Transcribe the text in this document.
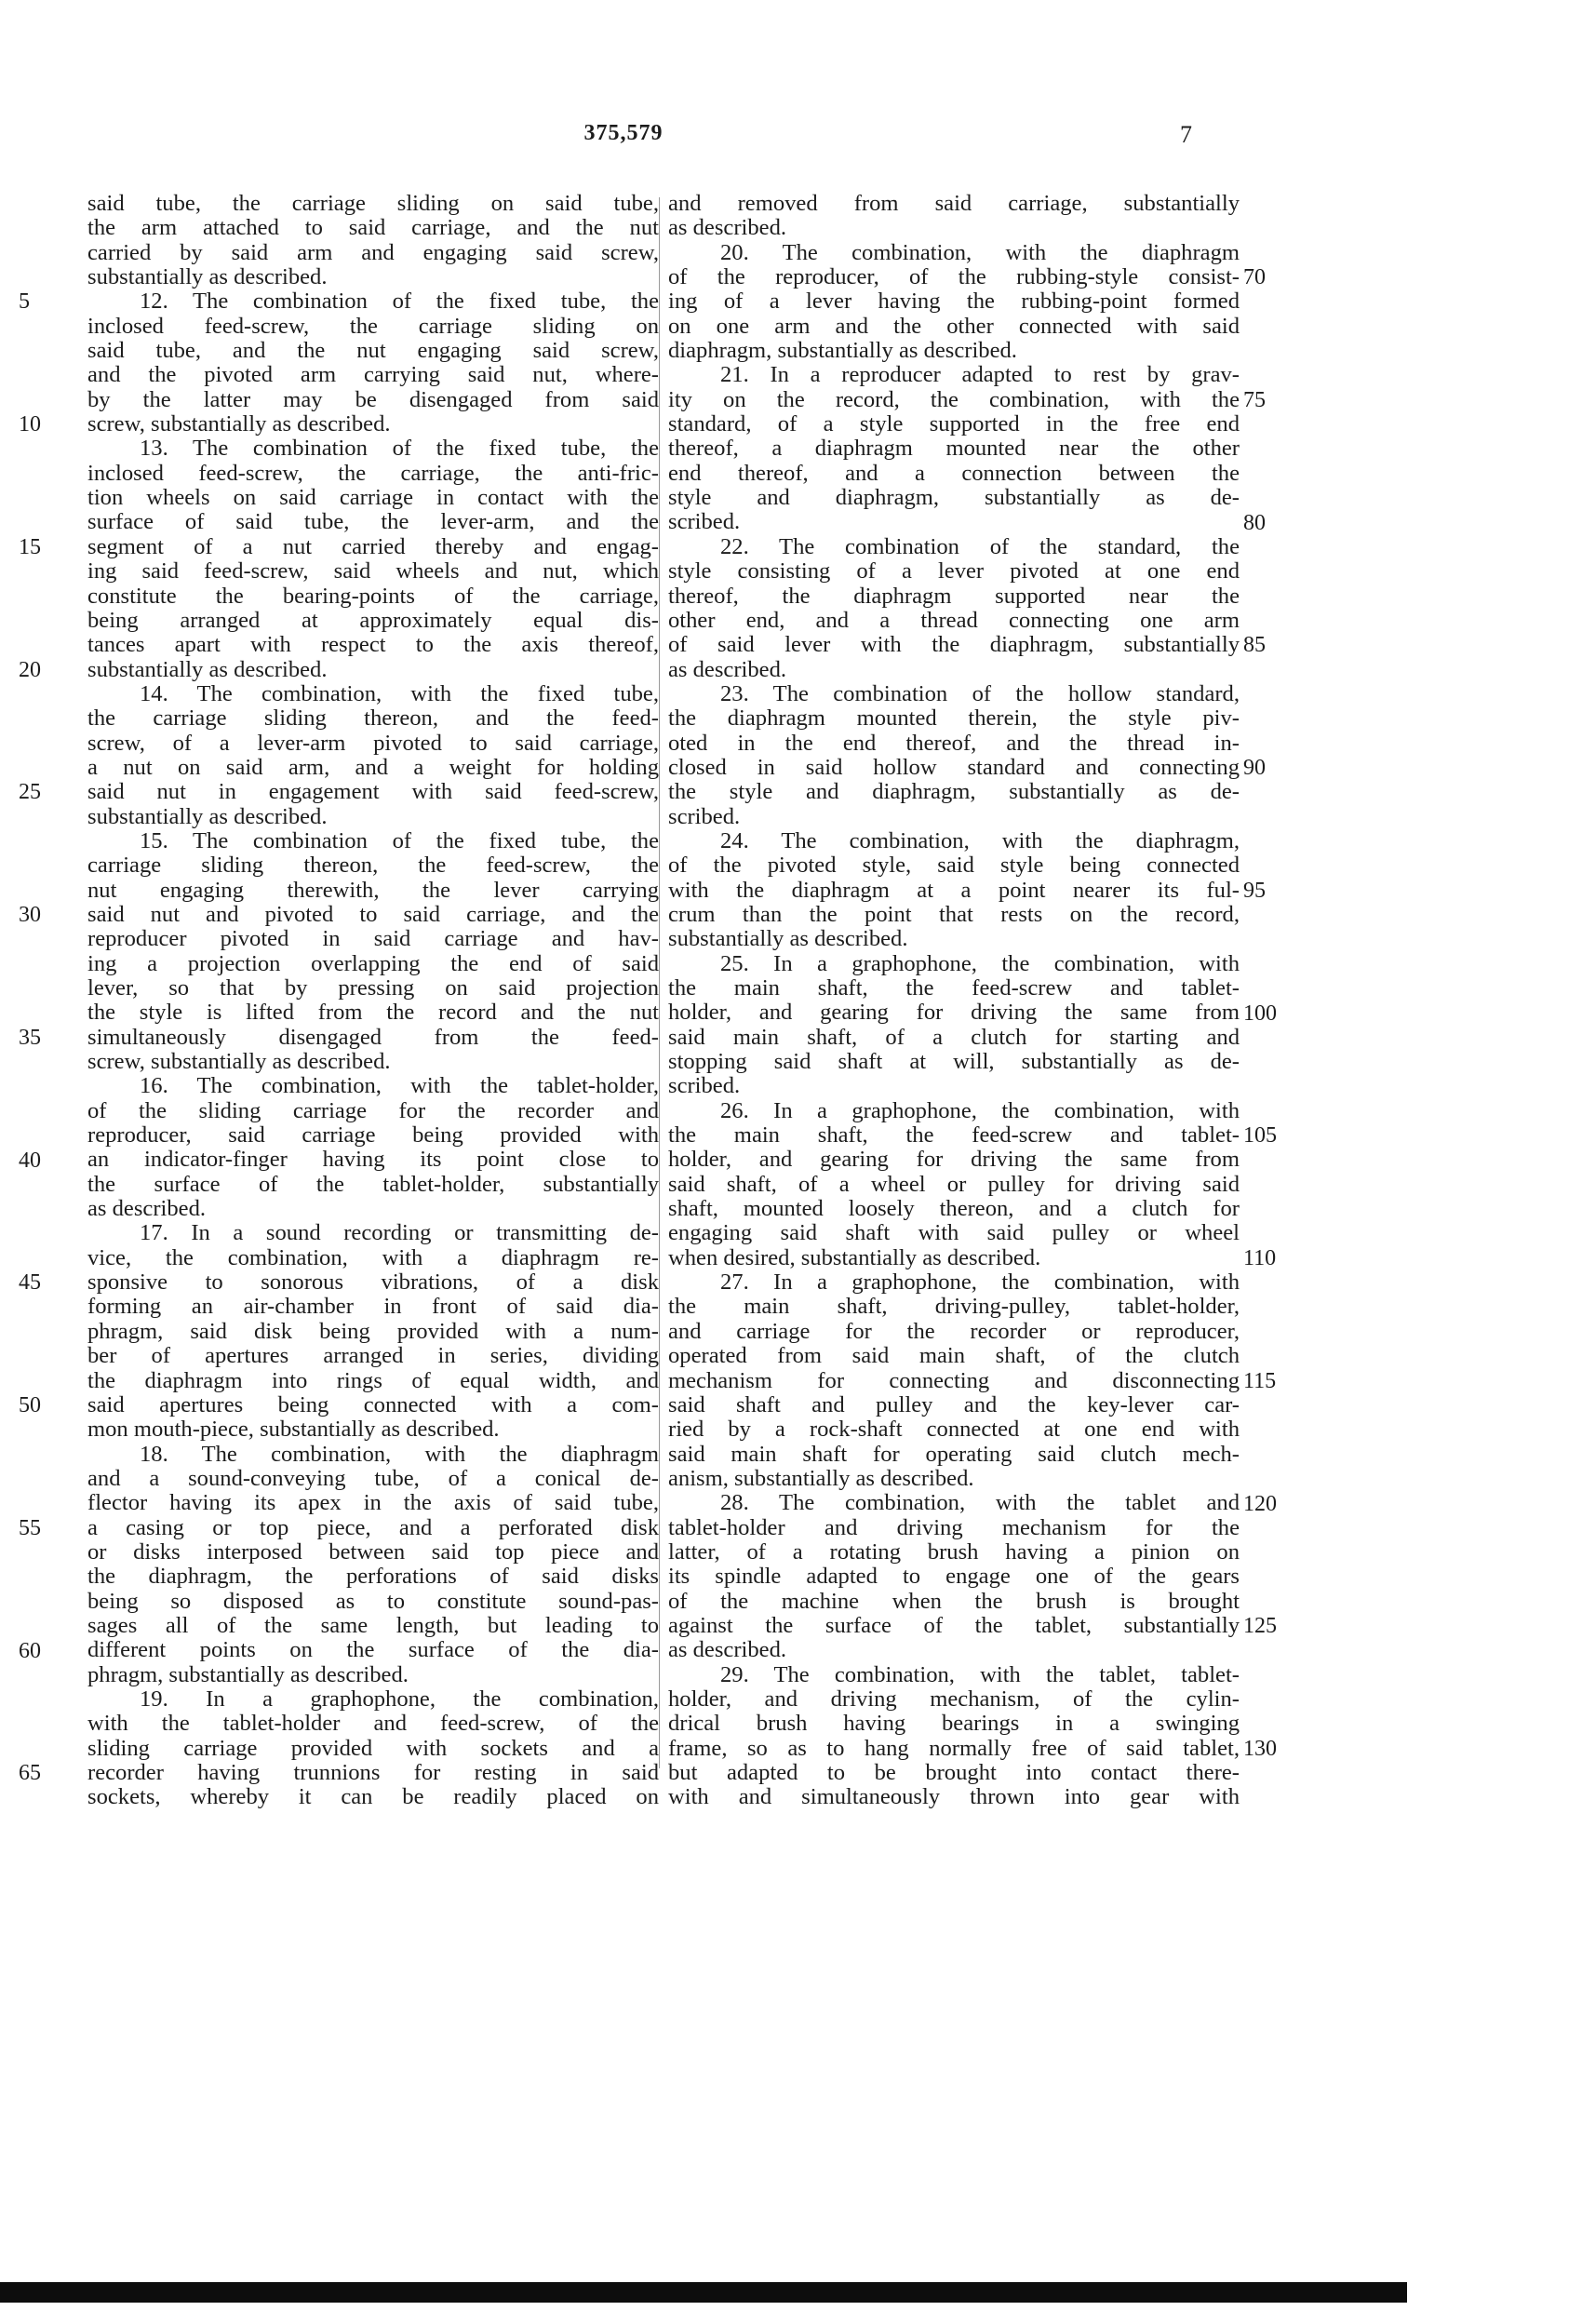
375,579	7
said tube, the carriage sliding on said tube,
the arm attached to said carriage, and the nut
carried by said arm and engaging said screw,
substantially as described.
12. The combination of the fixed tube, the
inclosed feed-screw, the carriage sliding on
said tube, and the nut engaging said screw,
and the pivoted arm carrying said nut, where-
by the latter may be disengaged from said
screw, substantially as described.
13. The combination of the fixed tube, the
inclosed feed-screw, the carriage, the anti-fric-
tion wheels on said carriage in contact with the
surface of said tube, the lever-arm, and the
segment of a nut carried thereby and engag-
ing said feed-screw, said wheels and nut, which
constitute the bearing-points of the carriage,
being arranged at approximately equal dis-
tances apart with respect to the axis thereof,
substantially as described.
14. The combination, with the fixed tube,
the carriage sliding thereon, and the feed-
screw, of a lever-arm pivoted to said carriage,
a nut on said arm, and a weight for holding
said nut in engagement with said feed-screw,
substantially as described.
15. The combination of the fixed tube, the
carriage sliding thereon, the feed-screw, the
nut engaging therewith, the lever carrying
said nut and pivoted to said carriage, and the
reproducer pivoted in said carriage and hav-
ing a projection overlapping the end of said
lever, so that by pressing on said projection
the style is lifted from the record and the nut
simultaneously disengaged from the feed-
screw, substantially as described.
16. The combination, with the tablet-holder,
of the sliding carriage for the recorder and
reproducer, said carriage being provided with
an indicator-finger having its point close to
the surface of the tablet-holder, substantially
as described.
17. In a sound recording or transmitting de-
vice, the combination, with a diaphragm re-
sponsive to sonorous vibrations, of a disk
forming an air-chamber in front of said dia-
phragm, said disk being provided with a num-
ber of apertures arranged in series, dividing
the diaphragm into rings of equal width, and
said apertures being connected with a com-
mon mouth-piece, substantially as described.
18. The combination, with the diaphragm
and a sound-conveying tube, of a conical de-
flector having its apex in the axis of said tube,
a casing or top piece, and a perforated disk
or disks interposed between said top piece and
the diaphragm, the perforations of said disks
being so disposed as to constitute sound-pas-
sages all of the same length, but leading to
different points on the surface of the dia-
phragm, substantially as described.
19. In a graphophone, the combination,
with the tablet-holder and feed-screw, of the
sliding carriage provided with sockets and a
recorder having trunnions for resting in said
sockets, whereby it can be readily placed on
and removed from said carriage, substantially
as described.
20. The combination, with the diaphragm
of the reproducer, of the rubbing-style consist-
ing of a lever having the rubbing-point formed
on one arm and the other connected with said
diaphragm, substantially as described.
21. In a reproducer adapted to rest by grav-
ity on the record, the combination, with the
standard, of a style supported in the free end
thereof, a diaphragm mounted near the other
end thereof, and a connection between the
style and diaphragm, substantially as de-
scribed.
22. The combination of the standard, the
style consisting of a lever pivoted at one end
thereof, the diaphragm supported near the
other end, and a thread connecting one arm
of said lever with the diaphragm, substantially
as described.
23. The combination of the hollow standard,
the diaphragm mounted therein, the style piv-
oted in the end thereof, and the thread in-
closed in said hollow standard and connecting
the style and diaphragm, substantially as de-
scribed.
24. The combination, with the diaphragm,
of the pivoted style, said style being connected
with the diaphragm at a point nearer its ful-
crum than the point that rests on the record,
substantially as described.
25. In a graphophone, the combination, with
the main shaft, the feed-screw and tablet-
holder, and gearing for driving the same from
said main shaft, of a clutch for starting and
stopping said shaft at will, substantially as de-
scribed.
26. In a graphophone, the combination, with
the main shaft, the feed-screw and tablet-
holder, and gearing for driving the same from
said shaft, of a wheel or pulley for driving said
shaft, mounted loosely thereon, and a clutch for
engaging said shaft with said pulley or wheel
when desired, substantially as described.
27. In a graphophone, the combination, with
the main shaft, driving-pulley, tablet-holder,
and carriage for the recorder or reproducer,
operated from said main shaft, of the clutch
mechanism for connecting and disconnecting
said shaft and pulley and the key-lever car-
ried by a rock-shaft connected at one end with
said main shaft for operating said clutch mech-
anism, substantially as described.
28. The combination, with the tablet and
tablet-holder and driving mechanism for the
latter, of a rotating brush having a pinion on
its spindle adapted to engage one of the gears
of the machine when the brush is brought
against the surface of the tablet, substantially
as described.
29. The combination, with the tablet, tablet-
holder, and driving mechanism, of the cylin-
drical brush having bearings in a swinging
frame, so as to hang normally free of said tablet,
but adapted to be brought into contact there-
with and simultaneously thrown into gear with
5
10
15
20
25
30
35
40
45
50
55
60
65
70
75
80
85
90
95
100
105
110
115
120
125
130
